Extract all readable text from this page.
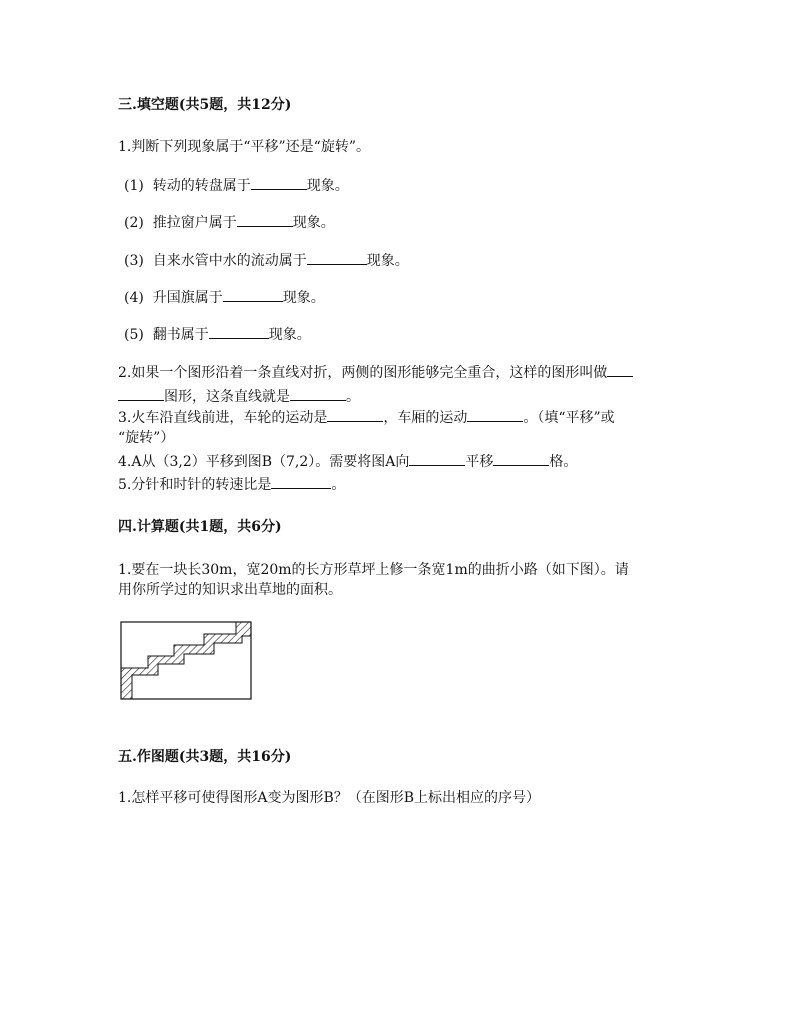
三.填空题(共5题，共12分)
1.判断下列现象属于“平移”还是“旋转”。
(1) 转动的转盘属于	现象。
(2) 推拉窗户属于	现象。
(3) 自来水管中水的流动属于	现象。
(4) 升国旗属于	现象。
(5) 翻书属于	现象。
2.如果一个图形沿着一条直线对折，两侧的图形能够完全重合，这样的图形叫做
图形，这条直线就是	。
3.火车沿直线前进，车轮的运动是	，车厢的运动	。（填“平移”或
“旋转”）
4.A从（3,2）平移到图B（7,2）。需要将图A向	平移	格。
5.分针和时针的转速比是	。
四.计算题(共1题，共6分)
1.要在一块长30m，宽20m的长方形草坪上修一条宽1m的曲折小路（如下图）。请
用你所学过的知识求出草地的面积。
五.作图题(共3题，共16分)
1.怎样平移可使得图形A变为图形B？（在图形B上标出相应的序号）
